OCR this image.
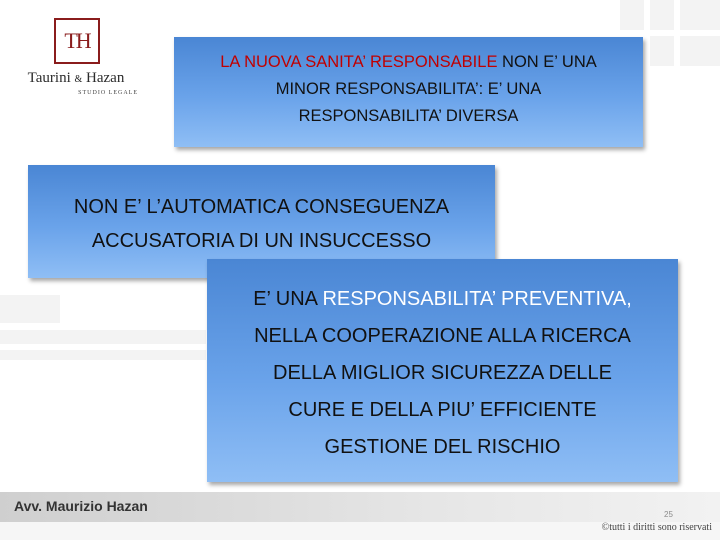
TH
Taurini & Hazan
STUDIO LEGALE
LA NUOVA SANITA’ RESPONSABILE NON E’ UNA
MINOR RESPONSABILITA’: E’ UNA
RESPONSABILITA’ DIVERSA
NON E’ L’AUTOMATICA CONSEGUENZA
ACCUSATORIA DI UN INSUCCESSO
E’ UNA RESPONSABILITA’ PREVENTIVA,
NELLA COOPERAZIONE ALLA RICERCA
DELLA MIGLIOR SICUREZZA DELLE
CURE E DELLA PIU’ EFFICIENTE
GESTIONE DEL RISCHIO
Avv. Maurizio Hazan
25
©tutti i diritti sono riservati
